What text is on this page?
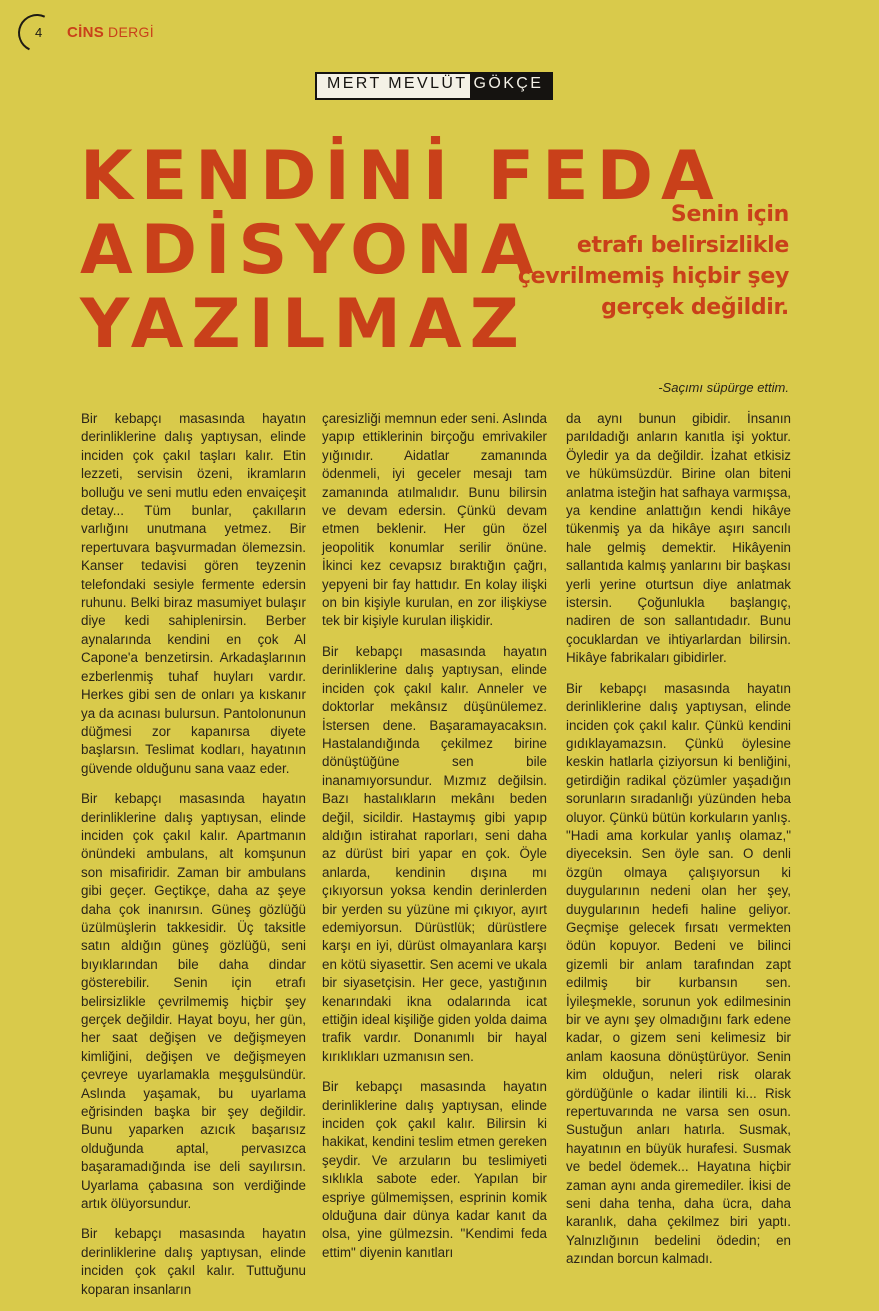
4 CİNS DERGİ
MERT MEVLÜT GÖKÇE
KENDİNİ FEDA
ADİSYONA
YAZILMAZ
Senin için
etrafı belirsizlikle
çevrilmemiş hiçbir şey
gerçek değildir.
-Saçımı süpürge ettim.

Bir kebapçı masasında hayatın derinliklerine dalış yaptıysan, elinde inciden çok çakıl taşları kalır. Etin lezzeti, servisin özeni, ikramların bolluğu ve seni mutlu eden envaiçeşit detay... Tüm bunlar, çakılların varlığını unutmana yetmez. Bir repertuvara başvurmadan ölemezsin. Kanser tedavisi gören teyzenin telefondaki sesiyle fermente edersin ruhunu. Belki biraz masumiyet bulaşır diye kedi sahiplenirsin. Berber aynalarında kendini en çok Al Capone'a benzetirsin. Arkadaşlarının ezberlenmiş tuhaf huyları vardır. Herkes gibi sen de onları ya kıskanır ya da acınası bulursun. Pantolonunun düğmesi zor kapanırsa diyete başlarsın. Teslimat kodları, hayatının güvende olduğunu sana vaaz eder.

Bir kebapçı masasında hayatın derinliklerine dalış yaptıysan, elinde inciden çok çakıl kalır. Apartmanın önündeki ambulans, alt komşunun son misafiridir. Zaman bir ambulans gibi geçer. Geçtikçe, daha az şeye daha çok inanırsın. Güneş gözlüğü üzülmüşlerin takkesidir. Üç taksitle satın aldığın güneş gözlüğü, seni bıyıklarından bile daha dindar gösterebilir. Senin için etrafı belirsizlikle çevrilmemiş hiçbir şey gerçek değildir. Hayat boyu, her gün, her saat değişen ve değişmeyen kimliğini, değişen ve değişmeyen çevreye uyarlamakla meşgulsündür. Aslında yaşamak, bu uyarlama eğrisinden başka bir şey değildir. Bunu yaparken azıcık başarısız olduğunda aptal, pervasızca başaramadığında ise deli sayılırsın. Uyarlama çabasına son verdiğinde artık ölüyorsundur.

Bir kebapçı masasında hayatın derinliklerine dalış yaptıysan, elinde inciden çok çakıl kalır. Tuttuğunu koparan insanların

çaresizliği memnun eder seni. Aslında yapıp ettiklerinin birçoğu emrivakiler yığınıdır. Aidatlar zamanında ödenmeli, iyi geceler mesajı tam zamanında atılmalıdır. Bunu bilirsin ve devam edersin. Çünkü devam etmen beklenir. Her gün özel jeopolitik konumlar serilir önüne. İkinci kez cevapsız bıraktığın çağrı, yepyeni bir fay hattıdır. En kolay ilişki on bin kişiyle kurulan, en zor ilişkiyse tek bir kişiyle kurulan ilişkidir.

Bir kebapçı masasında hayatın derinliklerine dalış yaptıysan, elinde inciden çok çakıl kalır. Anneler ve doktorlar mekânsız düşünülemez. İstersen dene. Başaramayacaksın. Hastalandığında çekilmez birine dönüştüğüne sen bile inanamıyorsundur. Mızmız değilsin. Bazı hastalıkların mekânı beden değil, sicildir. Hastaymış gibi yapıp aldığın istirahat raporları, seni daha az dürüst biri yapar en çok. Öyle anlarda, kendinin dışına mı çıkıyorsun yoksa kendin derinlerden bir yerden su yüzüne mi çıkıyor, ayırt edemiyorsun. Dürüstlük; dürüstlere karşı en iyi, dürüst olmayanlara karşı en kötü siyasettir. Sen acemi ve ukala bir siyasetçisin. Her gece, yastığının kenarındaki ikna odalarında icat ettiğin ideal kişiliğe giden yolda daima trafik vardır. Donanımlı bir hayal kırıklıkları uzmanısın sen.

Bir kebapçı masasında hayatın derinliklerine dalış yaptıysan, elinde inciden çok çakıl kalır. Bilirsin ki hakikat, kendini teslim etmen gereken şeydir. Ve arzuların bu teslimiyeti sıklıkla sabote eder. Yapılan bir espriye gülmemişsen, esprinin komik olduğuna dair dünya kadar kanıt da olsa, yine gülmezsin. "Kendimi feda ettim" diyenin kanıtları

da aynı bunun gibidir. İnsanın parıldadığı anların kanıtla işi yoktur. Öyledir ya da değildir. İzahat etkisiz ve hükümsüzdür. Birine olan biteni anlatma isteğin hat safhaya varmışsa, ya kendine anlattığın kendi hikâye tükenmiş ya da hikâye aşırı sancılı hale gelmiş demektir. Hikâyenin sallantıda kalmış yanlarını bir başkası yerli yerine oturtsun diye anlatmak istersin. Çoğunlukla başlangıç, nadiren de son sallantıdadır. Bunu çocuklardan ve ihtiyarlardan bilirsin. Hikâye fabrikaları gibidirler.

Bir kebapçı masasında hayatın derinliklerine dalış yaptıysan, elinde inciden çok çakıl kalır. Çünkü kendini gıdıklayamazsın. Çünkü öylesine keskin hatlarla çiziyorsun ki benliğini, getirdiğin radikal çözümler yaşadığın sorunların sıradanlığı yüzünden heba oluyor. Çünkü bütün korkuların yanlış. "Hadi ama korkular yanlış olamaz," diyeceksin. Sen öyle san. O denli özgün olmaya çalışıyorsun ki duygularının nedeni olan her şey, duygularının hedefi haline geliyor. Geçmişe gelecek fırsatı vermekten ödün kopuyor. Bedeni ve bilinci gizemli bir anlam tarafından zapt edilmiş bir kurbansın sen. İyileşmekle, sorunun yok edilmesinin bir ve aynı şey olmadığını fark edene kadar, o gizem seni kelimesiz bir anlam kaosuna dönüştürüyor. Senin kim olduğun, neleri risk olarak gördüğünle o kadar ilintili ki... Risk repertuvarında ne varsa sen osun. Sustuğun anları hatırla. Susmak, hayatının en büyük hurafesi. Susmak ve bedel ödemek... Hayatına hiçbir zaman aynı anda giremediler. İkisi de seni daha tenha, daha ücra, daha karanlık, daha çekilmez biri yaptı. Yalnızlığının bedelini ödedin; en azından borcun kalmadı.
